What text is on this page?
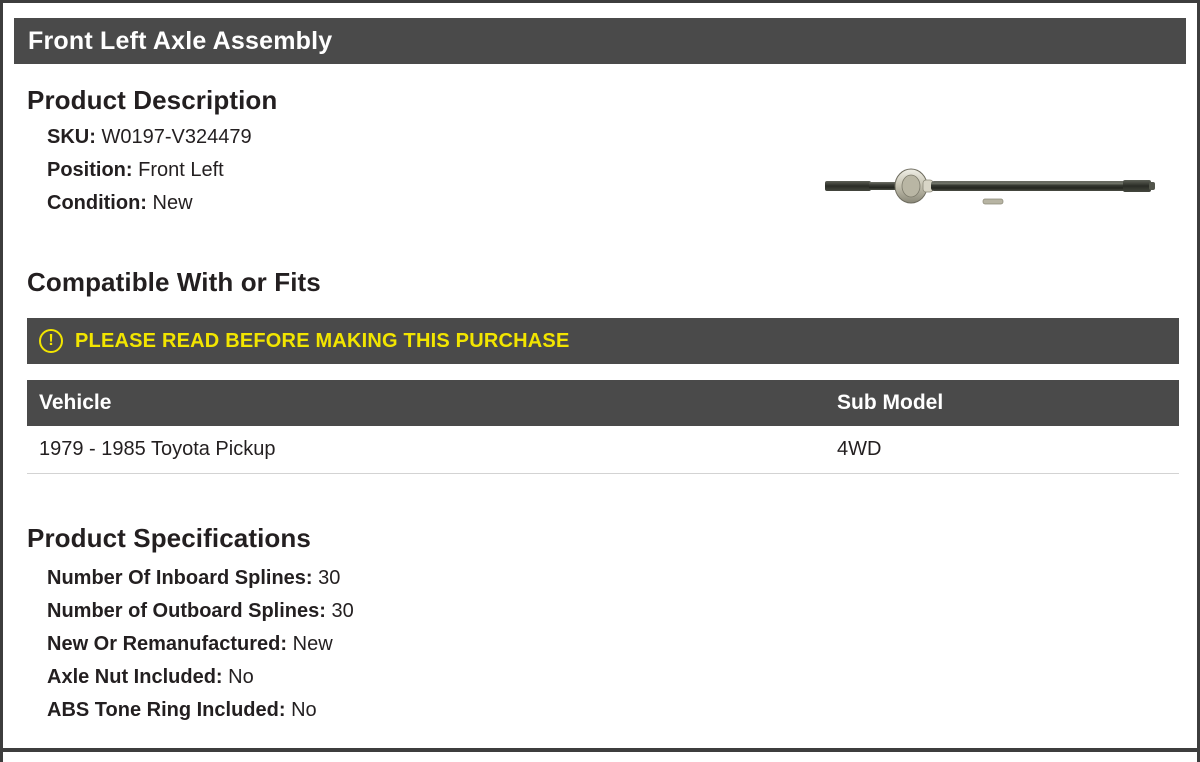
Front Left Axle Assembly
Product Description
SKU: W0197-V324479
Position: Front Left
Condition: New
Compatible With or Fits
! PLEASE READ BEFORE MAKING THIS PURCHASE
Vehicle	Sub Model
1979 - 1985 Toyota Pickup	4WD
Product Specifications
Number Of Inboard Splines: 30
Number of Outboard Splines: 30
New Or Remanufactured: New
Axle Nut Included: No
ABS Tone Ring Included: No
